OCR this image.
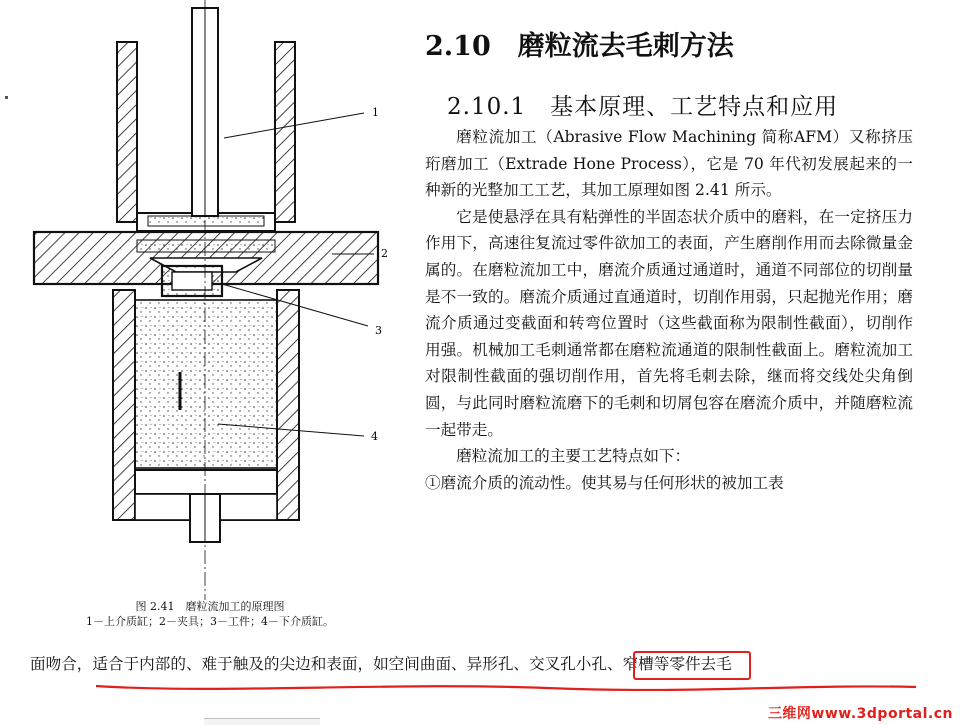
1
2
3
4
图 2.41　磨粒流加工的原理图
1－上介质缸；2－夹具；3－工件；4－下介质缸。
2.10　磨粒流去毛刺方法
2.10.1　基本原理、工艺特点和应用

磨粒流加工（Abrasive Flow Machining 简称AFM）又称挤压珩磨加工（Extrade Hone Process），它是 70 年代初发展起来的一种新的光整加工工艺，其加工原理如图 2.41 所示。

它是使悬浮在具有粘弹性的半固态状介质中的磨料，在一定挤压力作用下，高速往复流过零件欲加工的表面，产生磨削作用而去除微量金属的。在磨粒流加工中，磨流介质通过通道时，通道不同部位的切削量是不一致的。磨流介质通过直通道时，切削作用弱，只起抛光作用；磨流介质通过变截面和转弯位置时（这些截面称为限制性截面），切削作用强。机械加工毛刺通常都在磨粒流通道的限制性截面上。磨粒流加工对限制性截面的强切削作用，首先将毛刺去除，继而将交线处尖角倒圆，与此同时磨粒流磨下的毛刺和切屑包容在磨流介质中，并随磨粒流一起带走。

磨粒流加工的主要工艺特点如下：

①磨流介质的流动性。使其易与任何形状的被加工表

面吻合，适合于内部的、难于触及的尖边和表面，如空间曲面、异形孔、交叉孔小孔、窄槽等零件去毛
三维网www.3dportal.cn
